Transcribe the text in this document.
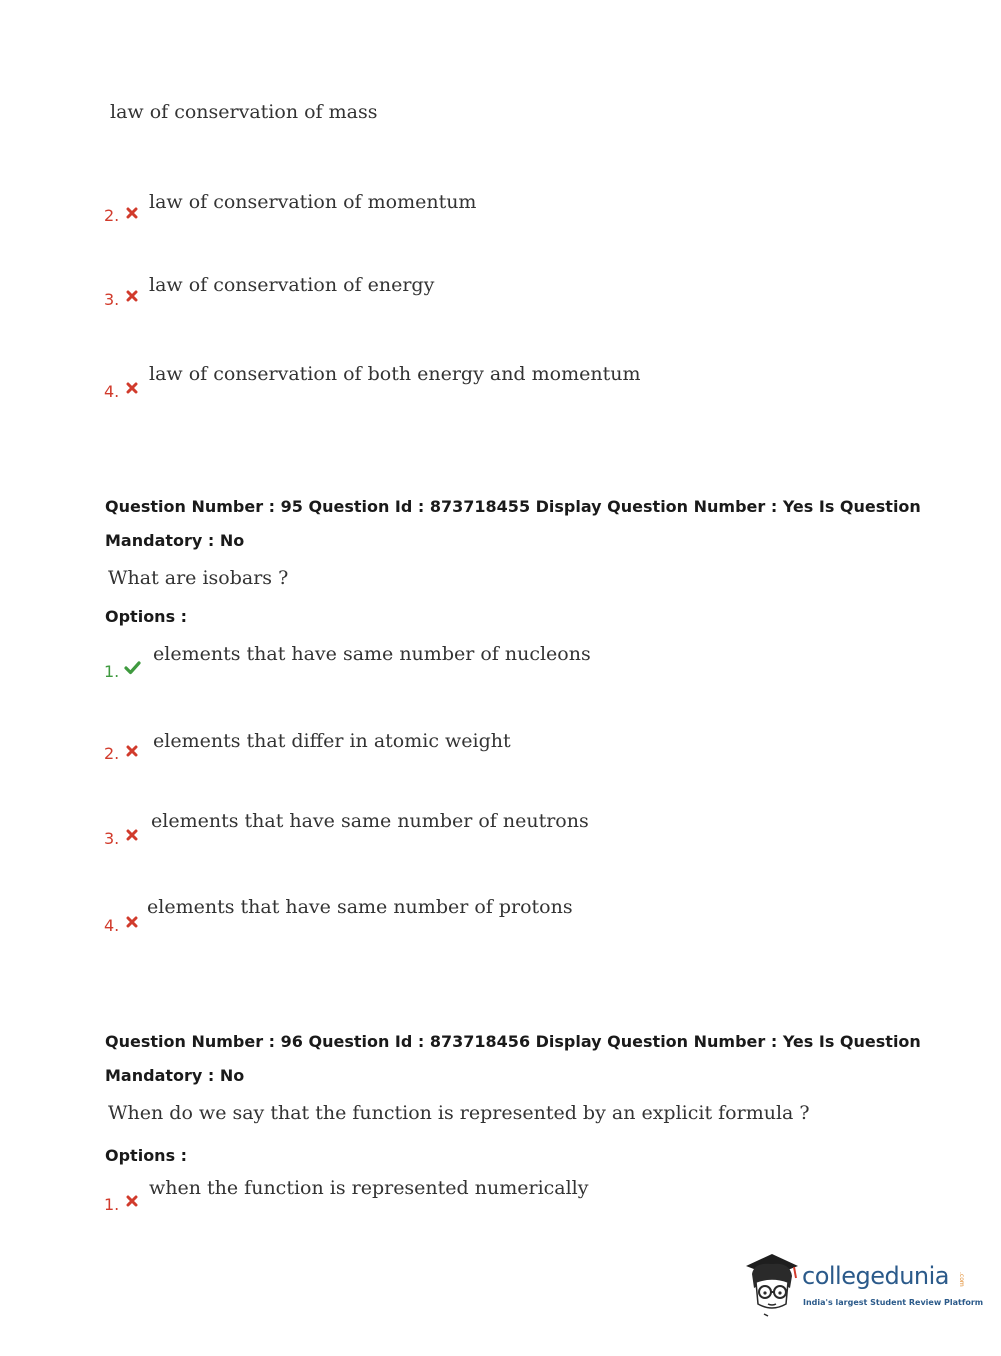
law of conservation of mass
2.
law of conservation of momentum
3.
law of conservation of energy
4.
law of conservation of both energy and momentum
Question Number : 95 Question Id : 873718455 Display Question Number : Yes Is Question
Mandatory : No
What are isobars ?
Options :
1.
elements that have same number of nucleons
2.
elements that differ in atomic weight
3.
elements that have same number of neutrons
4.
elements that have same number of protons
Question Number : 96 Question Id : 873718456 Display Question Number : Yes Is Question
Mandatory : No
When do we say that the function is represented by an explicit formula ?
Options :
1.
when the function is represented numerically
collegedunia .com
India's largest Student Review Platform
